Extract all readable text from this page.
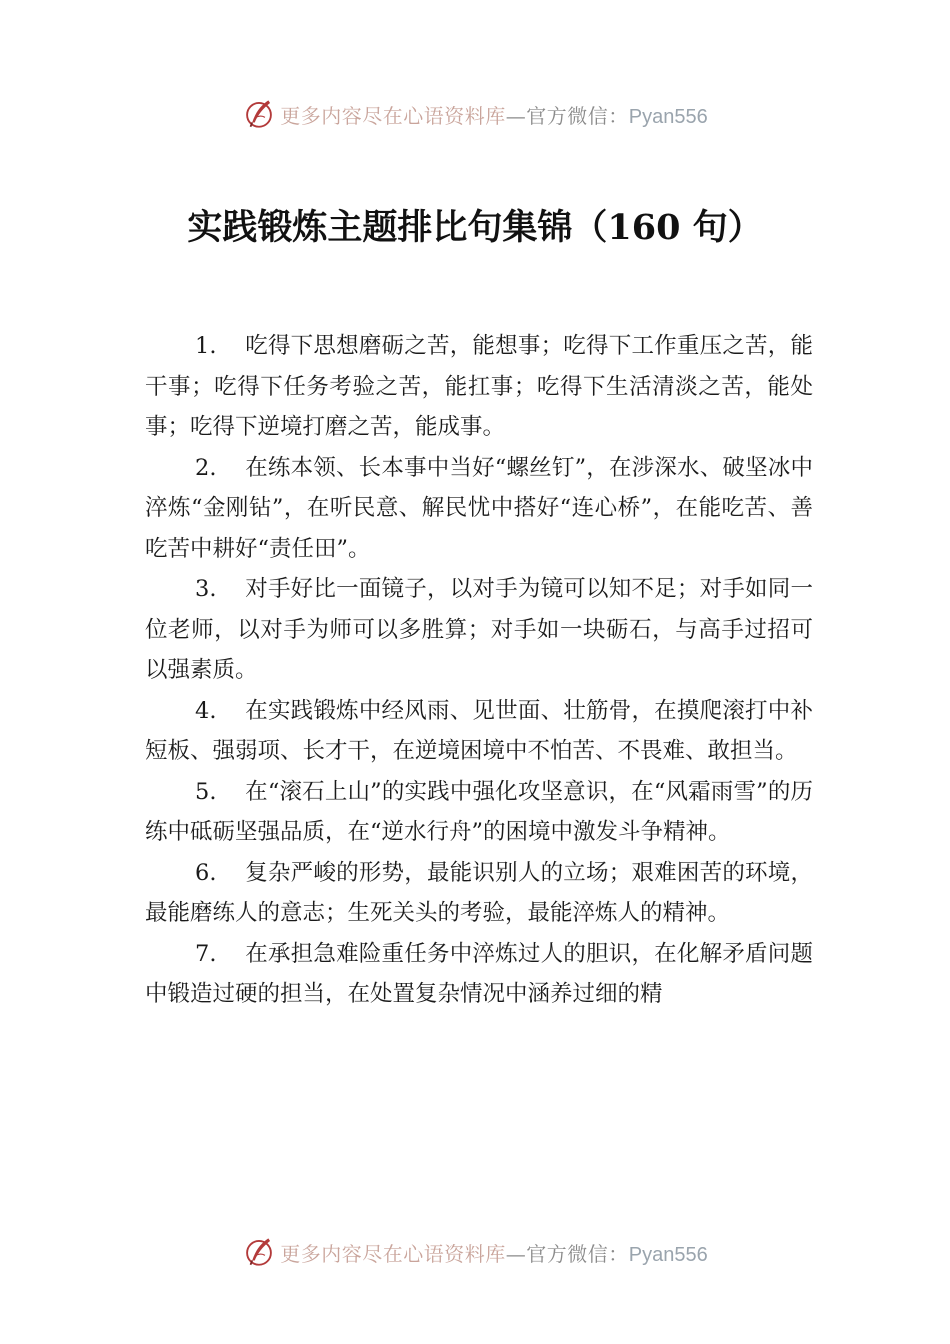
更多内容尽在心语资料库—官方微信：Pyan556
实践锻炼主题排比句集锦（160 句）

1. 吃得下思想磨砺之苦，能想事；吃得下工作重压之苦，能干事；吃得下任务考验之苦，能扛事；吃得下生活清淡之苦，能处事；吃得下逆境打磨之苦，能成事。

2. 在练本领、长本事中当好“螺丝钉”，在涉深水、破坚冰中淬炼“金刚钻”，在听民意、解民忧中搭好“连心桥”，在能吃苦、善吃苦中耕好“责任田”。

3. 对手好比一面镜子，以对手为镜可以知不足；对手如同一位老师，以对手为师可以多胜算；对手如一块砺石，与高手过招可以强素质。

4. 在实践锻炼中经风雨、见世面、壮筋骨，在摸爬滚打中补短板、强弱项、长才干，在逆境困境中不怕苦、不畏难、敢担当。

5. 在“滚石上山”的实践中强化攻坚意识，在“风霜雨雪”的历练中砥砺坚强品质，在“逆水行舟”的困境中激发斗争精神。

6. 复杂严峻的形势，最能识别人的立场；艰难困苦的环境，最能磨练人的意志；生死关头的考验，最能淬炼人的精神。

7. 在承担急难险重任务中淬炼过人的胆识，在化解矛盾问题中锻造过硬的担当，在处置复杂情况中涵养过细的精

更多内容尽在心语资料库—官方微信：Pyan556
